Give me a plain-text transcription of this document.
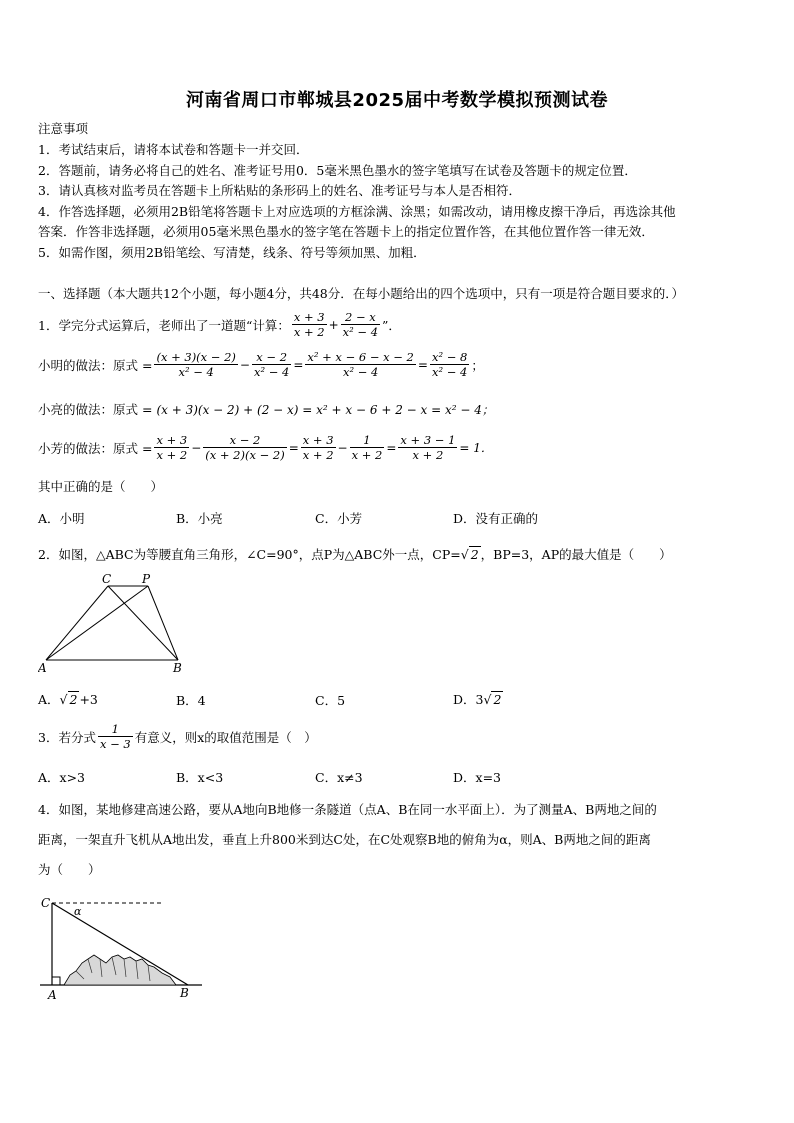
河南省周口市郸城县2025届中考数学模拟预测试卷
注意事项
1．考试结束后，请将本试卷和答题卡一并交回．
2．答题前，请务必将自己的姓名、准考证号用0．5毫米黑色墨水的签字笔填写在试卷及答题卡的规定位置．
3．请认真核对监考员在答题卡上所粘贴的条形码上的姓名、准考证号与本人是否相符．
4．作答选择题，必须用2B铅笔将答题卡上对应选项的方框涂满、涂黑；如需改动，请用橡皮擦干净后，再选涂其他
答案．作答非选择题，必须用05毫米黑色墨水的签字笔在答题卡上的指定位置作答，在其他位置作答一律无效．
5．如需作图，须用2B铅笔绘、写清楚，线条、符号等须加黑、加粗．
一、选择题（本大题共12个小题，每小题4分，共48分．在每小题给出的四个选项中，只有一项是符合题目要求的．）
1．学完分式运算后，老师出了一道题“计算： $\frac{x + 3}{x + 2} + \frac{2 - x}{\text{x² − 4}}$ ”．
小明的做法：原式 = $\frac{(x + 3)(x - 2)}{\text{x² − 4}} - \frac{x - 2}{\text{x² − 4}} = \frac{\text{x² + x − 6 − x − 2}}{\text{x² − 4}} = \frac{\text{x² − 8}}{\text{x² − 4}}$ ；
小亮的做法：原式 = (x + 3)(x − 2) + (2 − x) = x² + x − 6 + 2 − x = x² − 4；
小芳的做法：原式 = $\frac{x + 3}{x + 2} - \frac{x - 2}{(x + 2)(x - 2)} = \frac{x + 3}{x + 2} - \frac{1}{x + 2} = \frac{x + 3 - 1}{x + 2} = 1$．
其中正确的是（　　）
A．小明	B．小亮	C．小芳	D．没有正确的
2．如图，△ABC为等腰直角三角形，∠C=90°，点P为△ABC外一点，CP= √ 2 ，BP=3，AP的最大值是（　　）
C	P
A	B
A． √ 2 +3	B．4	C．5	D．3 √ 2
3．若分式 $\frac{1}{x - 3}$ 有意义，则x的取值范围是（　）
A．x>3	B．x<3	C．x≠3	D．x=3
4．如图，某地修建高速公路，要从A地向B地修一条隧道（点A、B在同一水平面上）．为了测量A、B两地之间的
距离，一架直升飞机从A地出发，垂直上升800米到达C处，在C处观察B地的俯角为α，则A、B两地之间的距离
为（　　）
C
α
A	B
